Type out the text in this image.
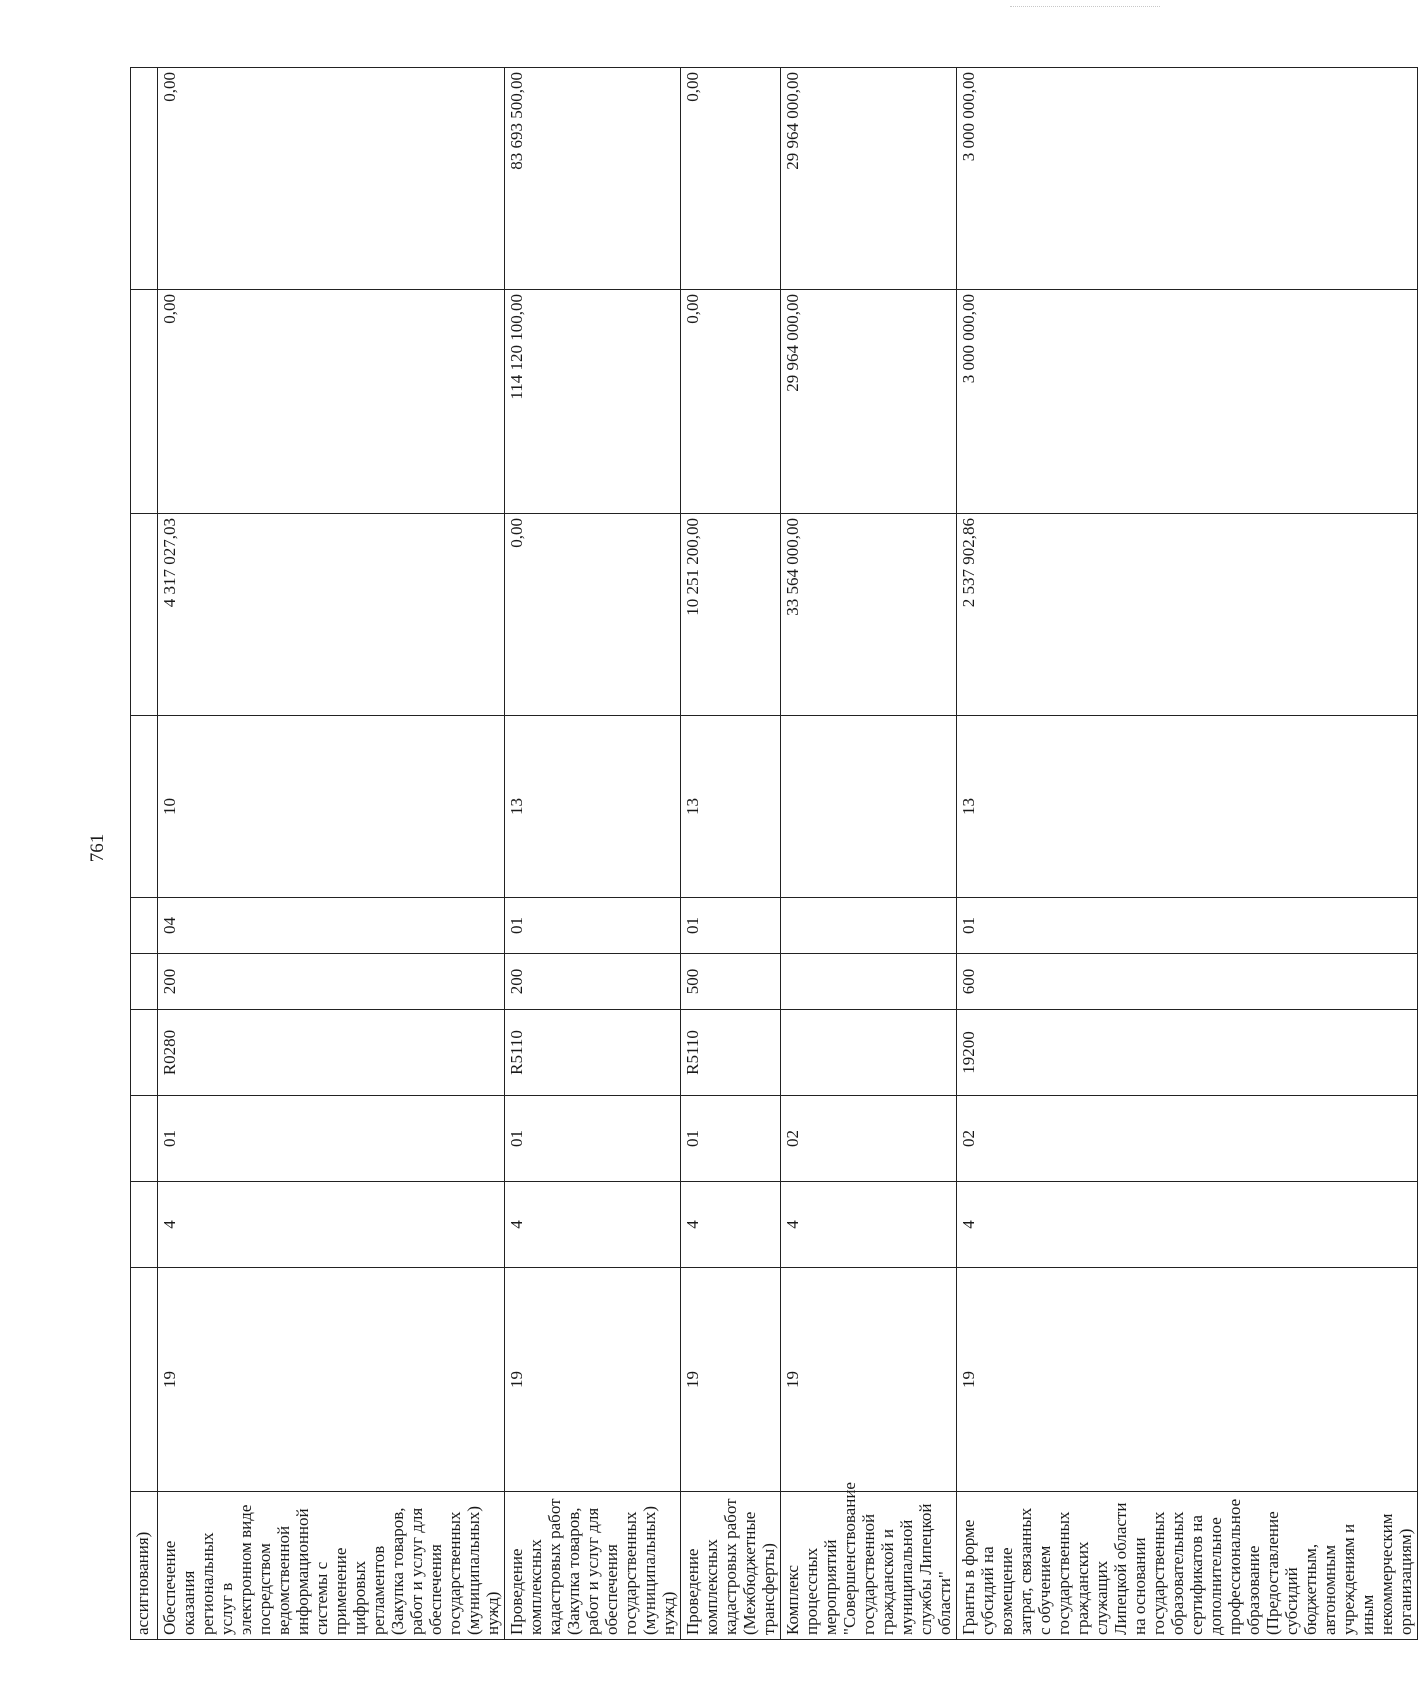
761
ассигнования)										
Обеспечение оказания региональных услуг в электронном виде посредством ведомственной информационной системы с применение цифровых регламентов (Закупка товаров, работ и услуг для обеспечения государственных (муниципальных) нужд)	19	4	01	R0280	200	04	10	4 317 027,03	0,00	0,00
Проведение комплексных кадастровых работ (Закупка товаров, работ и услуг для обеспечения государственных (муниципальных) нужд)	19	4	01	R5110	200	01	13	0,00	114 120 100,00	83 693 500,00
Проведение комплексных кадастровых работ (Межбюджетные трансферты)	19	4	01	R5110	500	01	13	10 251 200,00	0,00	0,00
Комплекс процессных мероприятий "Совершенствование государственной гражданской и муниципальной службы Липецкой области"	19	4	02					33 564 000,00	29 964 000,00	29 964 000,00
Гранты в форме субсидий на возмещение затрат, связанных с обучением государственных гражданских служащих Липецкой области на основании государственных образовательных сертификатов на дополнительное профессиональное образование (Предоставление субсидий бюджетным, автономным учреждениям и иным некоммерческим организациям)	19	4	02	19200	600	01	13	2 537 902,86	3 000 000,00	3 000 000,00
